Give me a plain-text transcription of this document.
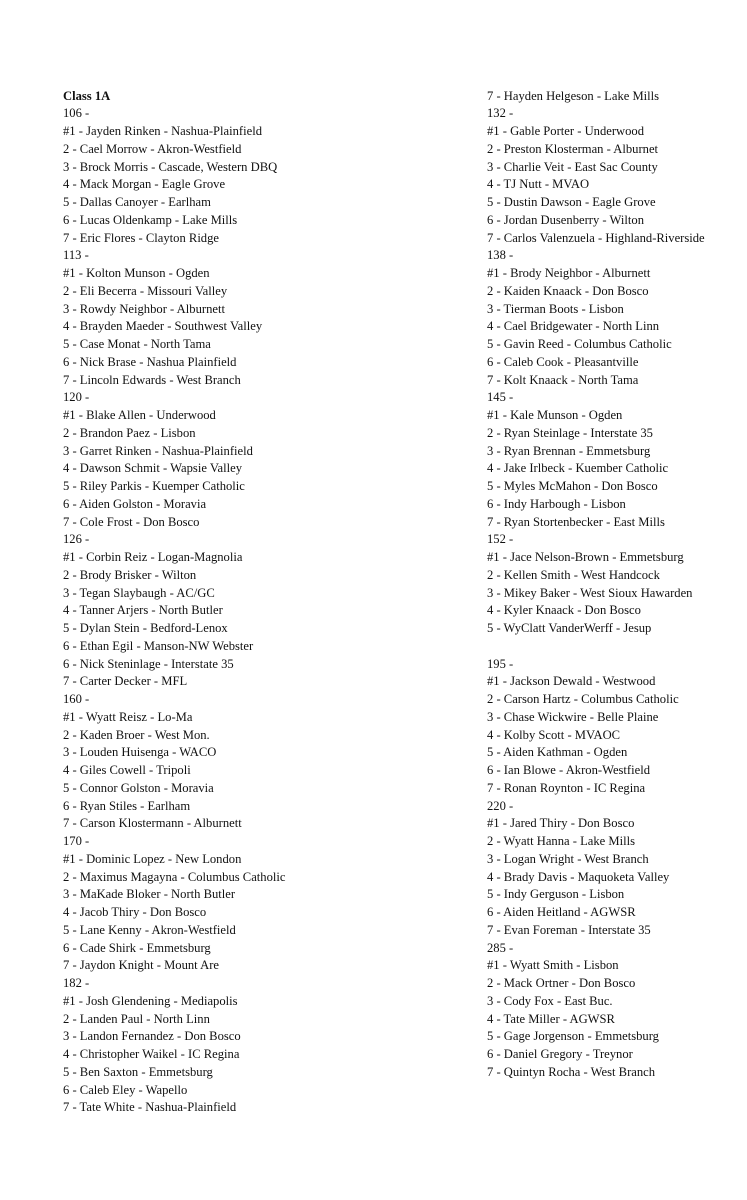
Class 1A
106 -
#1 - Jayden Rinken - Nashua-Plainfield
2 - Cael Morrow - Akron-Westfield
3 - Brock Morris - Cascade, Western DBQ
4 - Mack Morgan - Eagle Grove
5 - Dallas Canoyer - Earlham
6 - Lucas Oldenkamp - Lake Mills
7 - Eric Flores - Clayton Ridge
113 -
#1 - Kolton Munson - Ogden
2 - Eli Becerra - Missouri Valley
3 - Rowdy Neighbor - Alburnett
4 - Brayden Maeder - Southwest Valley
5 - Case Monat - North Tama
6 - Nick Brase - Nashua Plainfield
7 - Lincoln Edwards - West Branch
120 -
#1 - Blake Allen - Underwood
2 - Brandon Paez - Lisbon
3 - Garret Rinken - Nashua-Plainfield
4 - Dawson Schmit - Wapsie Valley
5 - Riley Parkis - Kuemper Catholic
6 - Aiden Golston - Moravia
7 - Cole Frost - Don Bosco
126 -
#1 - Corbin Reiz - Logan-Magnolia
2 - Brody Brisker - Wilton
3 - Tegan Slaybaugh - AC/GC
4 - Tanner Arjers - North Butler
5 - Dylan Stein - Bedford-Lenox
6 - Ethan Egil - Manson-NW Webster
6 - Nick Steninlage - Interstate 35
7 - Carter Decker - MFL
160 -
#1 - Wyatt Reisz - Lo-Ma
2 - Kaden Broer - West Mon.
3 - Louden Huisenga - WACO
4 - Giles Cowell - Tripoli
5 - Connor Golston - Moravia
6 - Ryan Stiles - Earlham
7 - Carson Klostermann - Alburnett
170 -
#1 - Dominic Lopez - New London
2 - Maximus Magayna - Columbus Catholic
3 - MaKade Bloker - North Butler
4 - Jacob Thiry - Don Bosco
5 - Lane Kenny - Akron-Westfield
6 - Cade Shirk - Emmetsburg
7 - Jaydon Knight - Mount Are
182 -
#1 - Josh Glendening - Mediapolis
2 - Landen Paul - North Linn
3 - Landon Fernandez - Don Bosco
4 - Christopher Waikel - IC Regina
5 - Ben Saxton - Emmetsburg
6 - Caleb Eley - Wapello
7 - Tate White - Nashua-Plainfield
7 - Hayden Helgeson - Lake Mills
132 -
#1 - Gable Porter - Underwood
2 - Preston Klosterman - Alburnet
3 - Charlie Veit - East Sac County
4 - TJ Nutt - MVAO
5 - Dustin Dawson - Eagle Grove
6 - Jordan Dusenberry - Wilton
7 - Carlos Valenzuela - Highland-Riverside
138 -
#1 - Brody Neighbor - Alburnett
2 - Kaiden Knaack - Don Bosco
3 - Tierman Boots - Lisbon
4 - Cael Bridgewater - North Linn
5 - Gavin Reed - Columbus Catholic
6 - Caleb Cook - Pleasantville
7 - Kolt Knaack - North Tama
145 -
#1 - Kale Munson - Ogden
2 - Ryan Steinlage - Interstate 35
3 - Ryan Brennan - Emmetsburg
4 - Jake Irlbeck - Kuember Catholic
5 - Myles McMahon - Don Bosco
6 - Indy Harbough - Lisbon
7 - Ryan Stortenbecker - East Mills
152 -
#1 - Jace Nelson-Brown - Emmetsburg
2 - Kellen Smith - West Handcock
3 - Mikey Baker - West Sioux Hawarden
4 - Kyler Knaack - Don Bosco
5 - WyClatt VanderWerff - Jesup
195 -
#1 - Jackson Dewald - Westwood
2 - Carson Hartz - Columbus Catholic
3 - Chase Wickwire - Belle Plaine
4 - Kolby Scott - MVAOC
5 - Aiden Kathman - Ogden
6 - Ian Blowe - Akron-Westfield
7 - Ronan Roynton - IC Regina
220 -
#1 - Jared Thiry - Don Bosco
2 - Wyatt Hanna - Lake Mills
3 - Logan Wright - West Branch
4 - Brady Davis - Maquoketa Valley
5 - Indy Gerguson - Lisbon
6 - Aiden Heitland - AGWSR
7 - Evan Foreman - Interstate 35
285 -
#1 - Wyatt Smith - Lisbon
2 - Mack Ortner - Don Bosco
3 - Cody Fox - East Buc.
4 - Tate Miller - AGWSR
5 - Gage Jorgenson - Emmetsburg
6 - Daniel Gregory - Treynor
7 - Quintyn Rocha - West Branch
